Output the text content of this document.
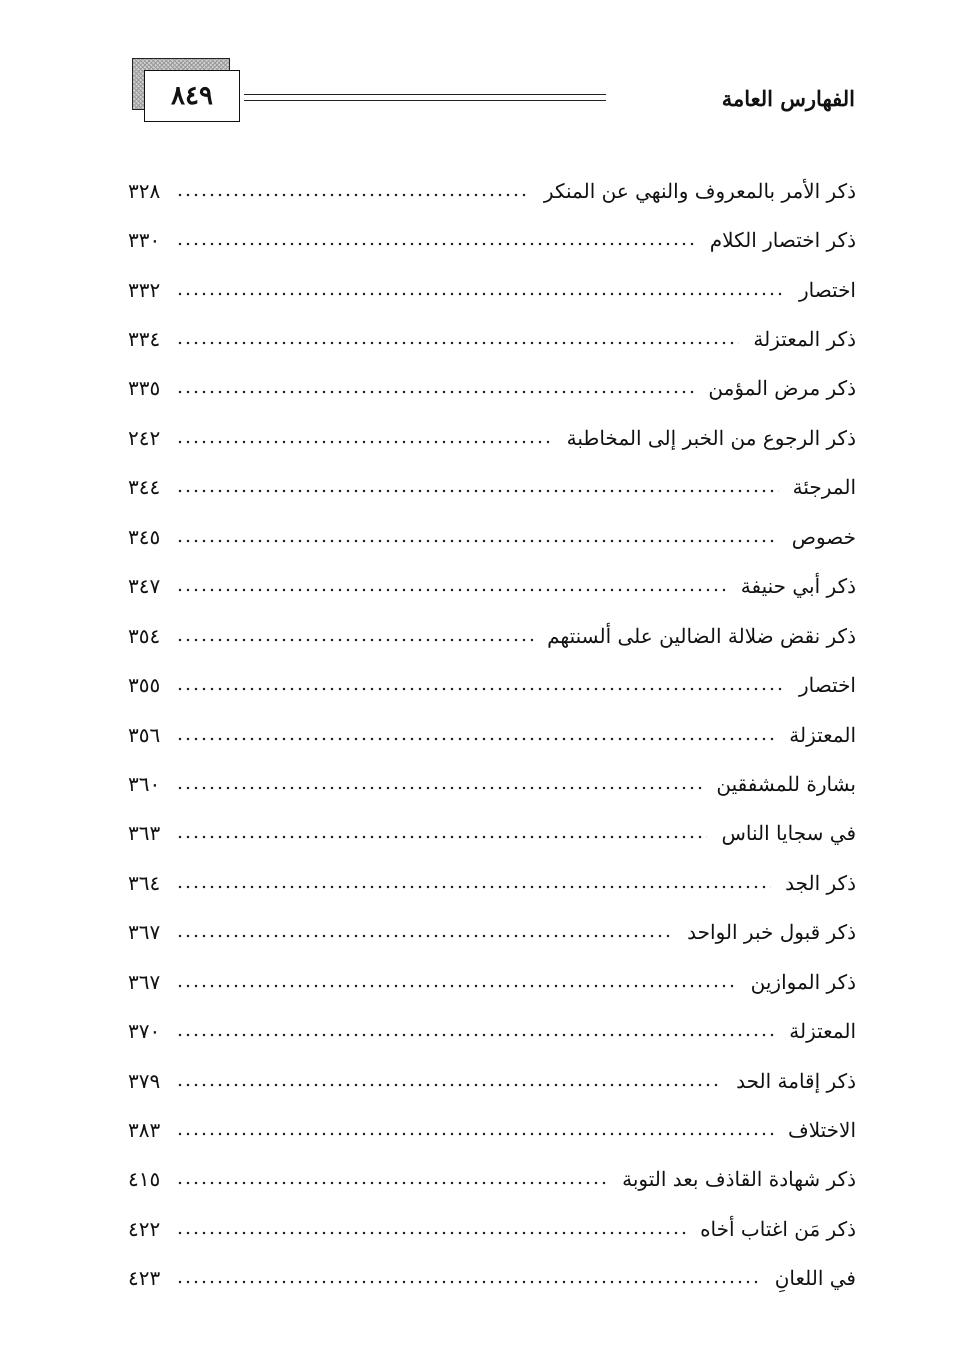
٨٤٩	الفهارس العامة
ذكر الأمر بالمعروف والنهي عن المنكر
٣٢٨
ذكر اختصار الكلام
٣٣٠
اختصار
٣٣٢
ذكر المعتزلة
٣٣٤
ذكر مرض المؤمن
٣٣٥
ذكر الرجوع من الخبر إلى المخاطبة
٢٤٢
المرجئة
٣٤٤
خصوص
٣٤٥
ذكر أبي حنيفة
٣٤٧
ذكر نقض ضلالة الضالين على ألسنتهم
٣٥٤
اختصار
٣٥٥
المعتزلة
٣٥٦
بشارة للمشفقين
٣٦٠
في سجايا الناس
٣٦٣
ذكر الجد
٣٦٤
ذكر قبول خبر الواحد
٣٦٧
ذكر الموازين
٣٦٧
المعتزلة
٣٧٠
ذكر إقامة الحد
٣٧٩
الاختلاف
٣٨٣
ذكر شهادة القاذف بعد التوبة
٤١٥
ذكر مَن اغتاب أخاه
٤٢٢
في اللعانِ
٤٢٣
